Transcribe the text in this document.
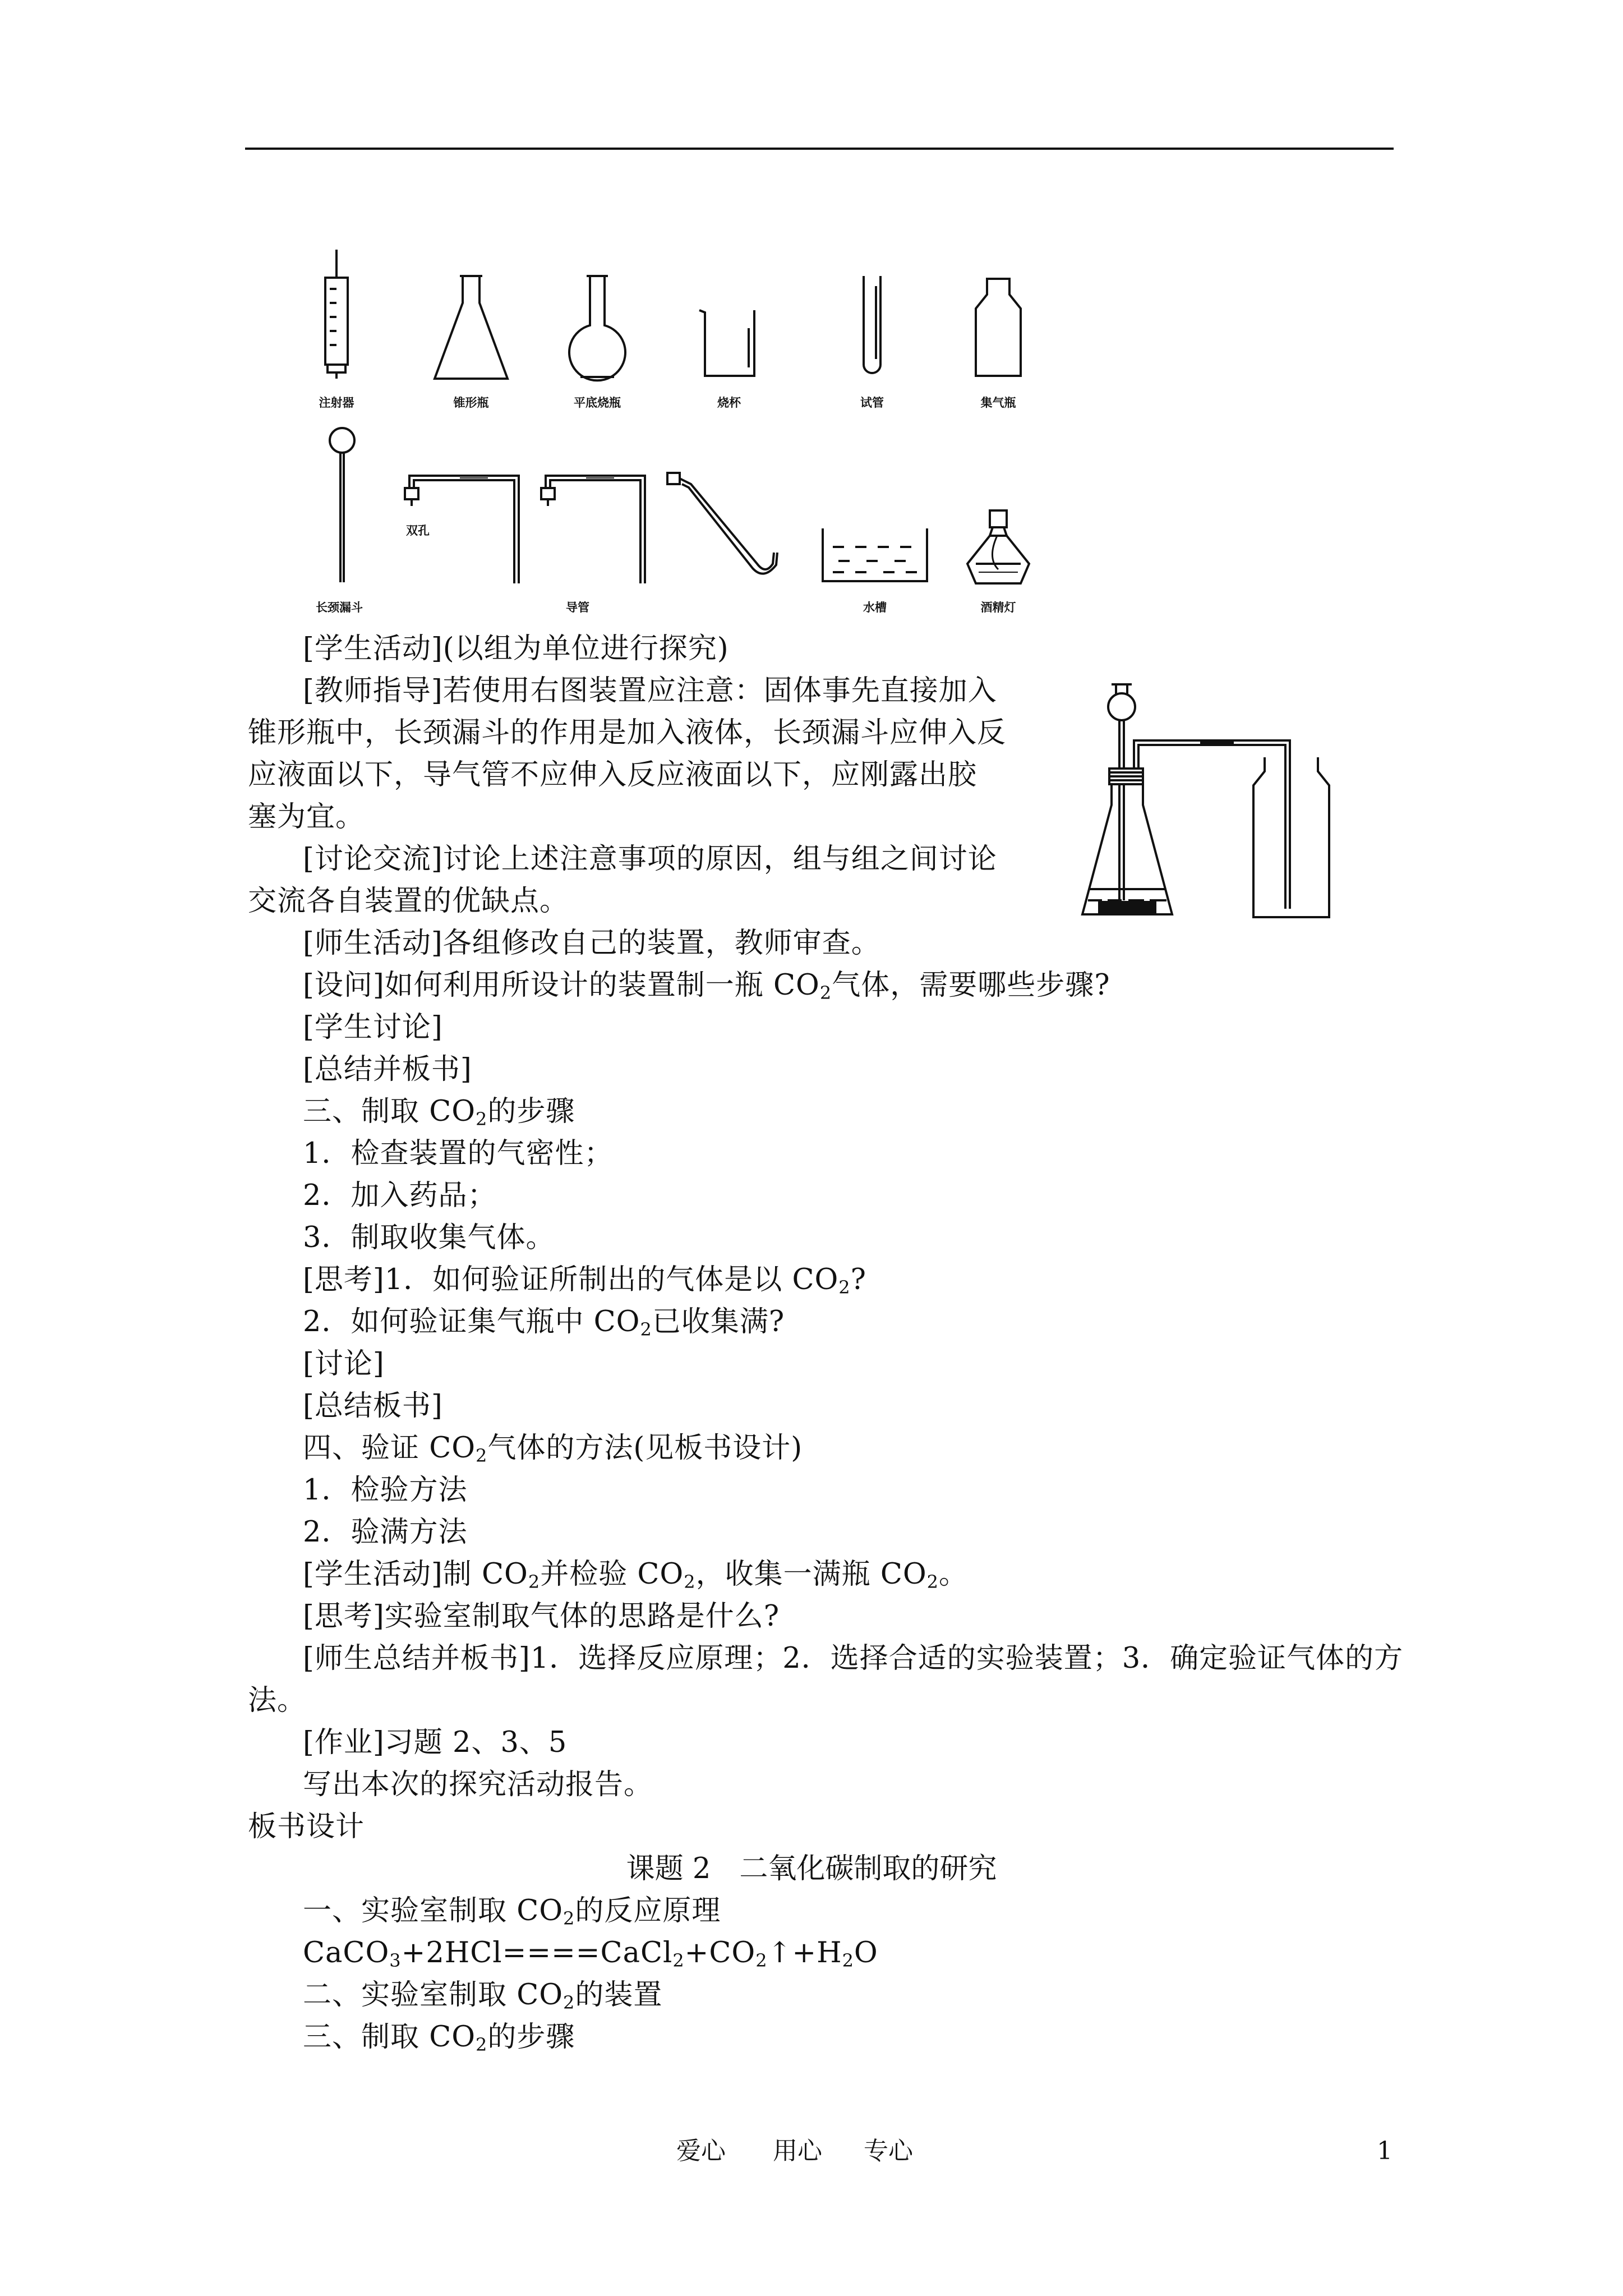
注射器	锥形瓶	平底烧瓶	烧杯	试管	集气瓶
长颈漏斗
双孔
导管	水槽	酒精灯
[学生活动](以组为单位进行探究)
[教师指导]若使用右图装置应注意：固体事先直接加入
锥形瓶中，长颈漏斗的作用是加入液体，长颈漏斗应伸入反
应液面以下，导气管不应伸入反应液面以下，应刚露出胶
塞为宜。
[讨论交流]讨论上述注意事项的原因，组与组之间讨论
交流各自装置的优缺点。
[师生活动]各组修改自己的装置，教师审查。
[设问]如何利用所设计的装置制一瓶 $CO_2$气体，需要哪些步骤?
[学生讨论]
[总结并板书]
三、制取 $CO_2$的步骤
1．检查装置的气密性；
2．加入药品；
3．制取收集气体。
[思考]1．如何验证所制出的气体是以 $CO_2$?
2．如何验证集气瓶中 $CO_2$已收集满?
[讨论]
[总结板书]
四、验证 $CO_2$气体的方法(见板书设计)
1．检验方法
2．验满方法
[学生活动]制 $CO_2$并检验 $CO_2$，收集一满瓶 $CO_2$。
[思考]实验室制取气体的思路是什么?
[师生总结并板书]1．选择反应原理；2．选择合适的实验装置；3．确定验证气体的方
法。
[作业]习题 2、3、5
写出本次的探究活动报告。
板书设计
课题 2　二氧化碳制取的研究
一、实验室制取 $CO_2$的反应原理
$CaCO_3+2HCl====CaCl_2+CO_2↑+H_2O$
二、实验室制取 $CO_2$的装置
三、制取 $CO_2$的步骤
爱心 用心 专心	1
